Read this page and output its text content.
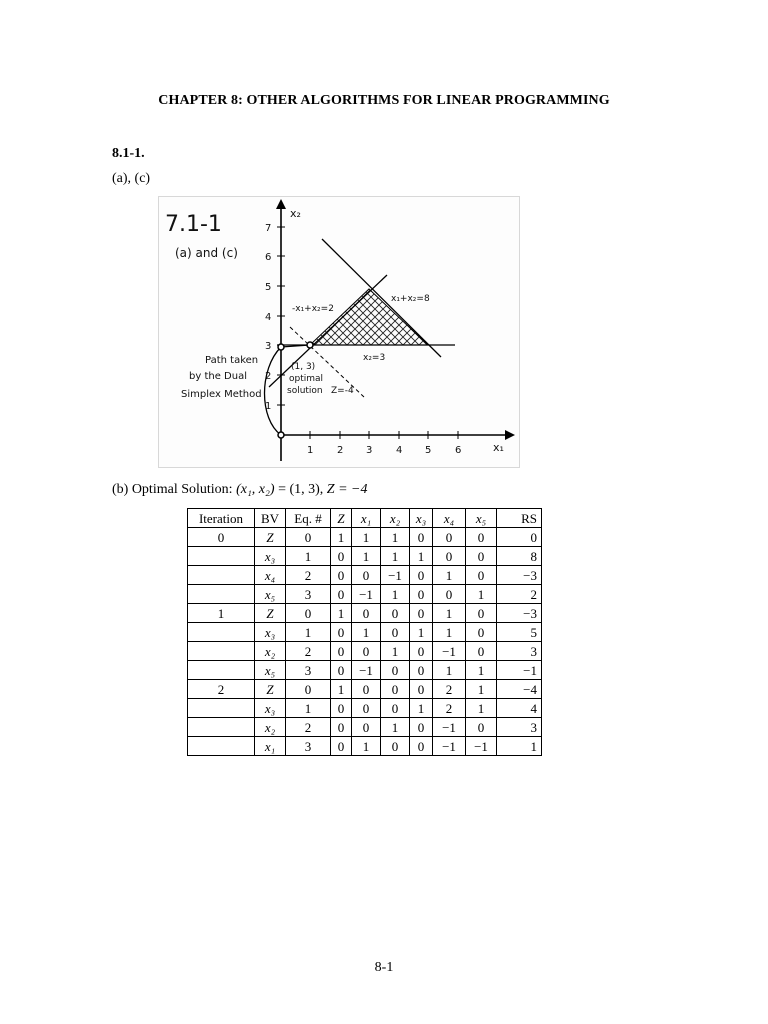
CHAPTER 8: OTHER ALGORITHMS FOR LINEAR PROGRAMMING
8.1-1.
(a), (c)
1 2 3 4 5 6
1
2
3
4
5
6
7
x₁
x₂
7.1-1
(a) and (c)
-x₁+x₂=2
x₁+x₂=8
x₂=3
(1, 3)
optimal
solution Z=-4
Path taken
by the Dual
Simplex Method
(b) Optimal Solution: (x₁, x₂) = (1, 3), Z = −4
Iteration	BV	Eq. #	Z	x₁	x₂	x₃	x₄	x₅	RS
0	Z	0	1	1	1	0	0	0	0
	x₃	1	0	1	1	1	0	0	8
	x₄	2	0	0	−1	0	1	0	−3
	x₅	3	0	−1	1	0	0	1	2
1	Z	0	1	0	0	0	1	0	−3
	x₃	1	0	1	0	1	1	0	5
	x₂	2	0	0	1	0	−1	0	3
	x₅	3	0	−1	0	0	1	1	−1
2	Z	0	1	0	0	0	2	1	−4
	x₃	1	0	0	0	1	2	1	4
	x₂	2	0	0	1	0	−1	0	3
	x₁	3	0	1	0	0	−1	−1	1
8-1
